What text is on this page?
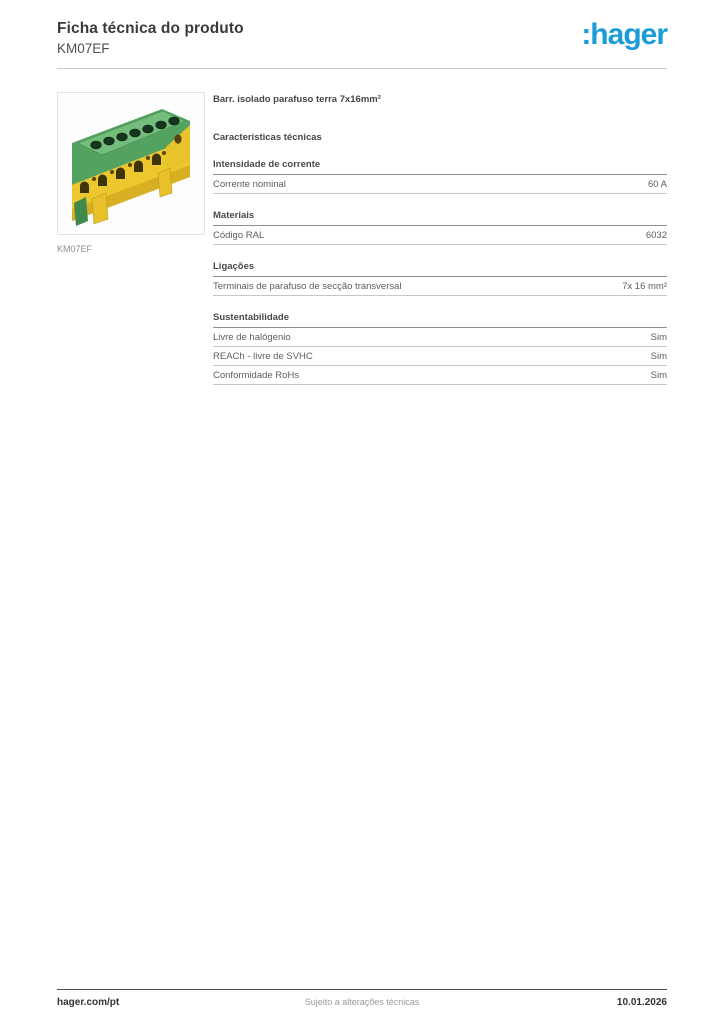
Ficha técnica do produto
KM07EF	:hager
KM07EF
Barr. isolado parafuso terra 7x16mm²
Características técnicas
Intensidade de corrente
Corrente nominal	60 A
Materiais
Código RAL	6032
Ligações
Terminais de parafuso de secção transversal	7x 16 mm²
Sustentabilidade
Livre de halógenio	Sim
REACh - livre de SVHC	Sim
Conformidade RoHs	Sim
hager.com/pt	Sujeito a alterações técnicas	10.01.2026
